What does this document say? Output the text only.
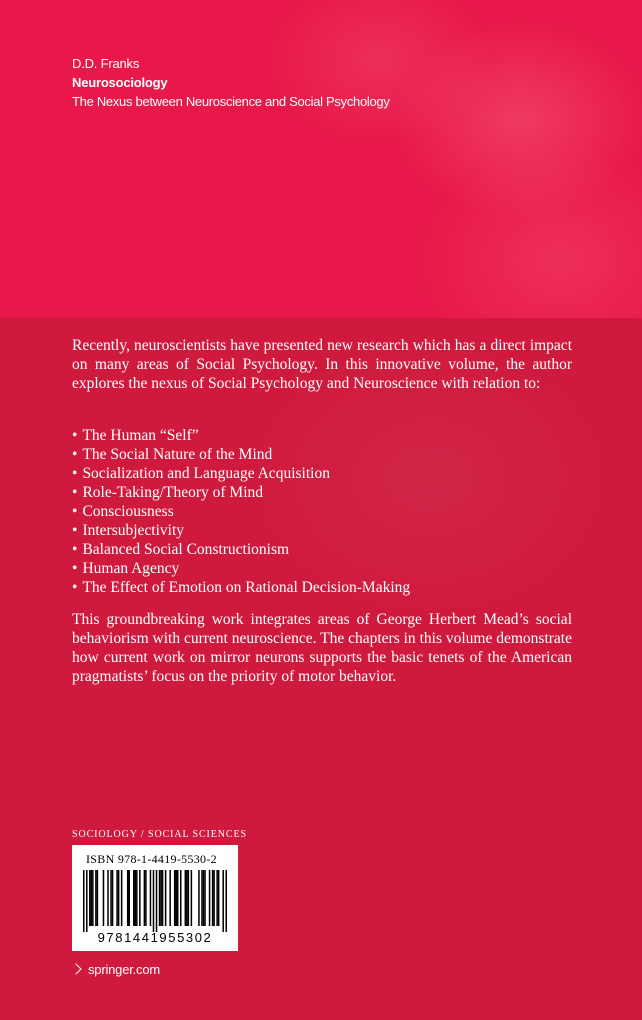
D.D. Franks
Neurosociology
The Nexus between Neuroscience and Social Psychology

Recently, neuroscientists have presented new research which has a direct impact on many areas of Social Psychology. In this innovative volume, the author explores the nexus of Social Psychology and Neuroscience with relation to:

• The Human “Self”
• The Social Nature of the Mind
• Socialization and Language Acquisition
• Role-Taking/Theory of Mind
• Consciousness
• Intersubjectivity
• Balanced Social Constructionism
• Human Agency
• The Effect of Emotion on Rational Decision-Making

This groundbreaking work integrates areas of George Herbert Mead’s social behaviorism with current neuroscience. The chapters in this volume demonstrate how current work on mirror neurons supports the basic tenets of the American pragmatists’ focus on the priority of motor behavior.

SOCIOLOGY / SOCIAL SCIENCES
ISBN 978-1-4419-5530-2
9781441955302
springer.com
